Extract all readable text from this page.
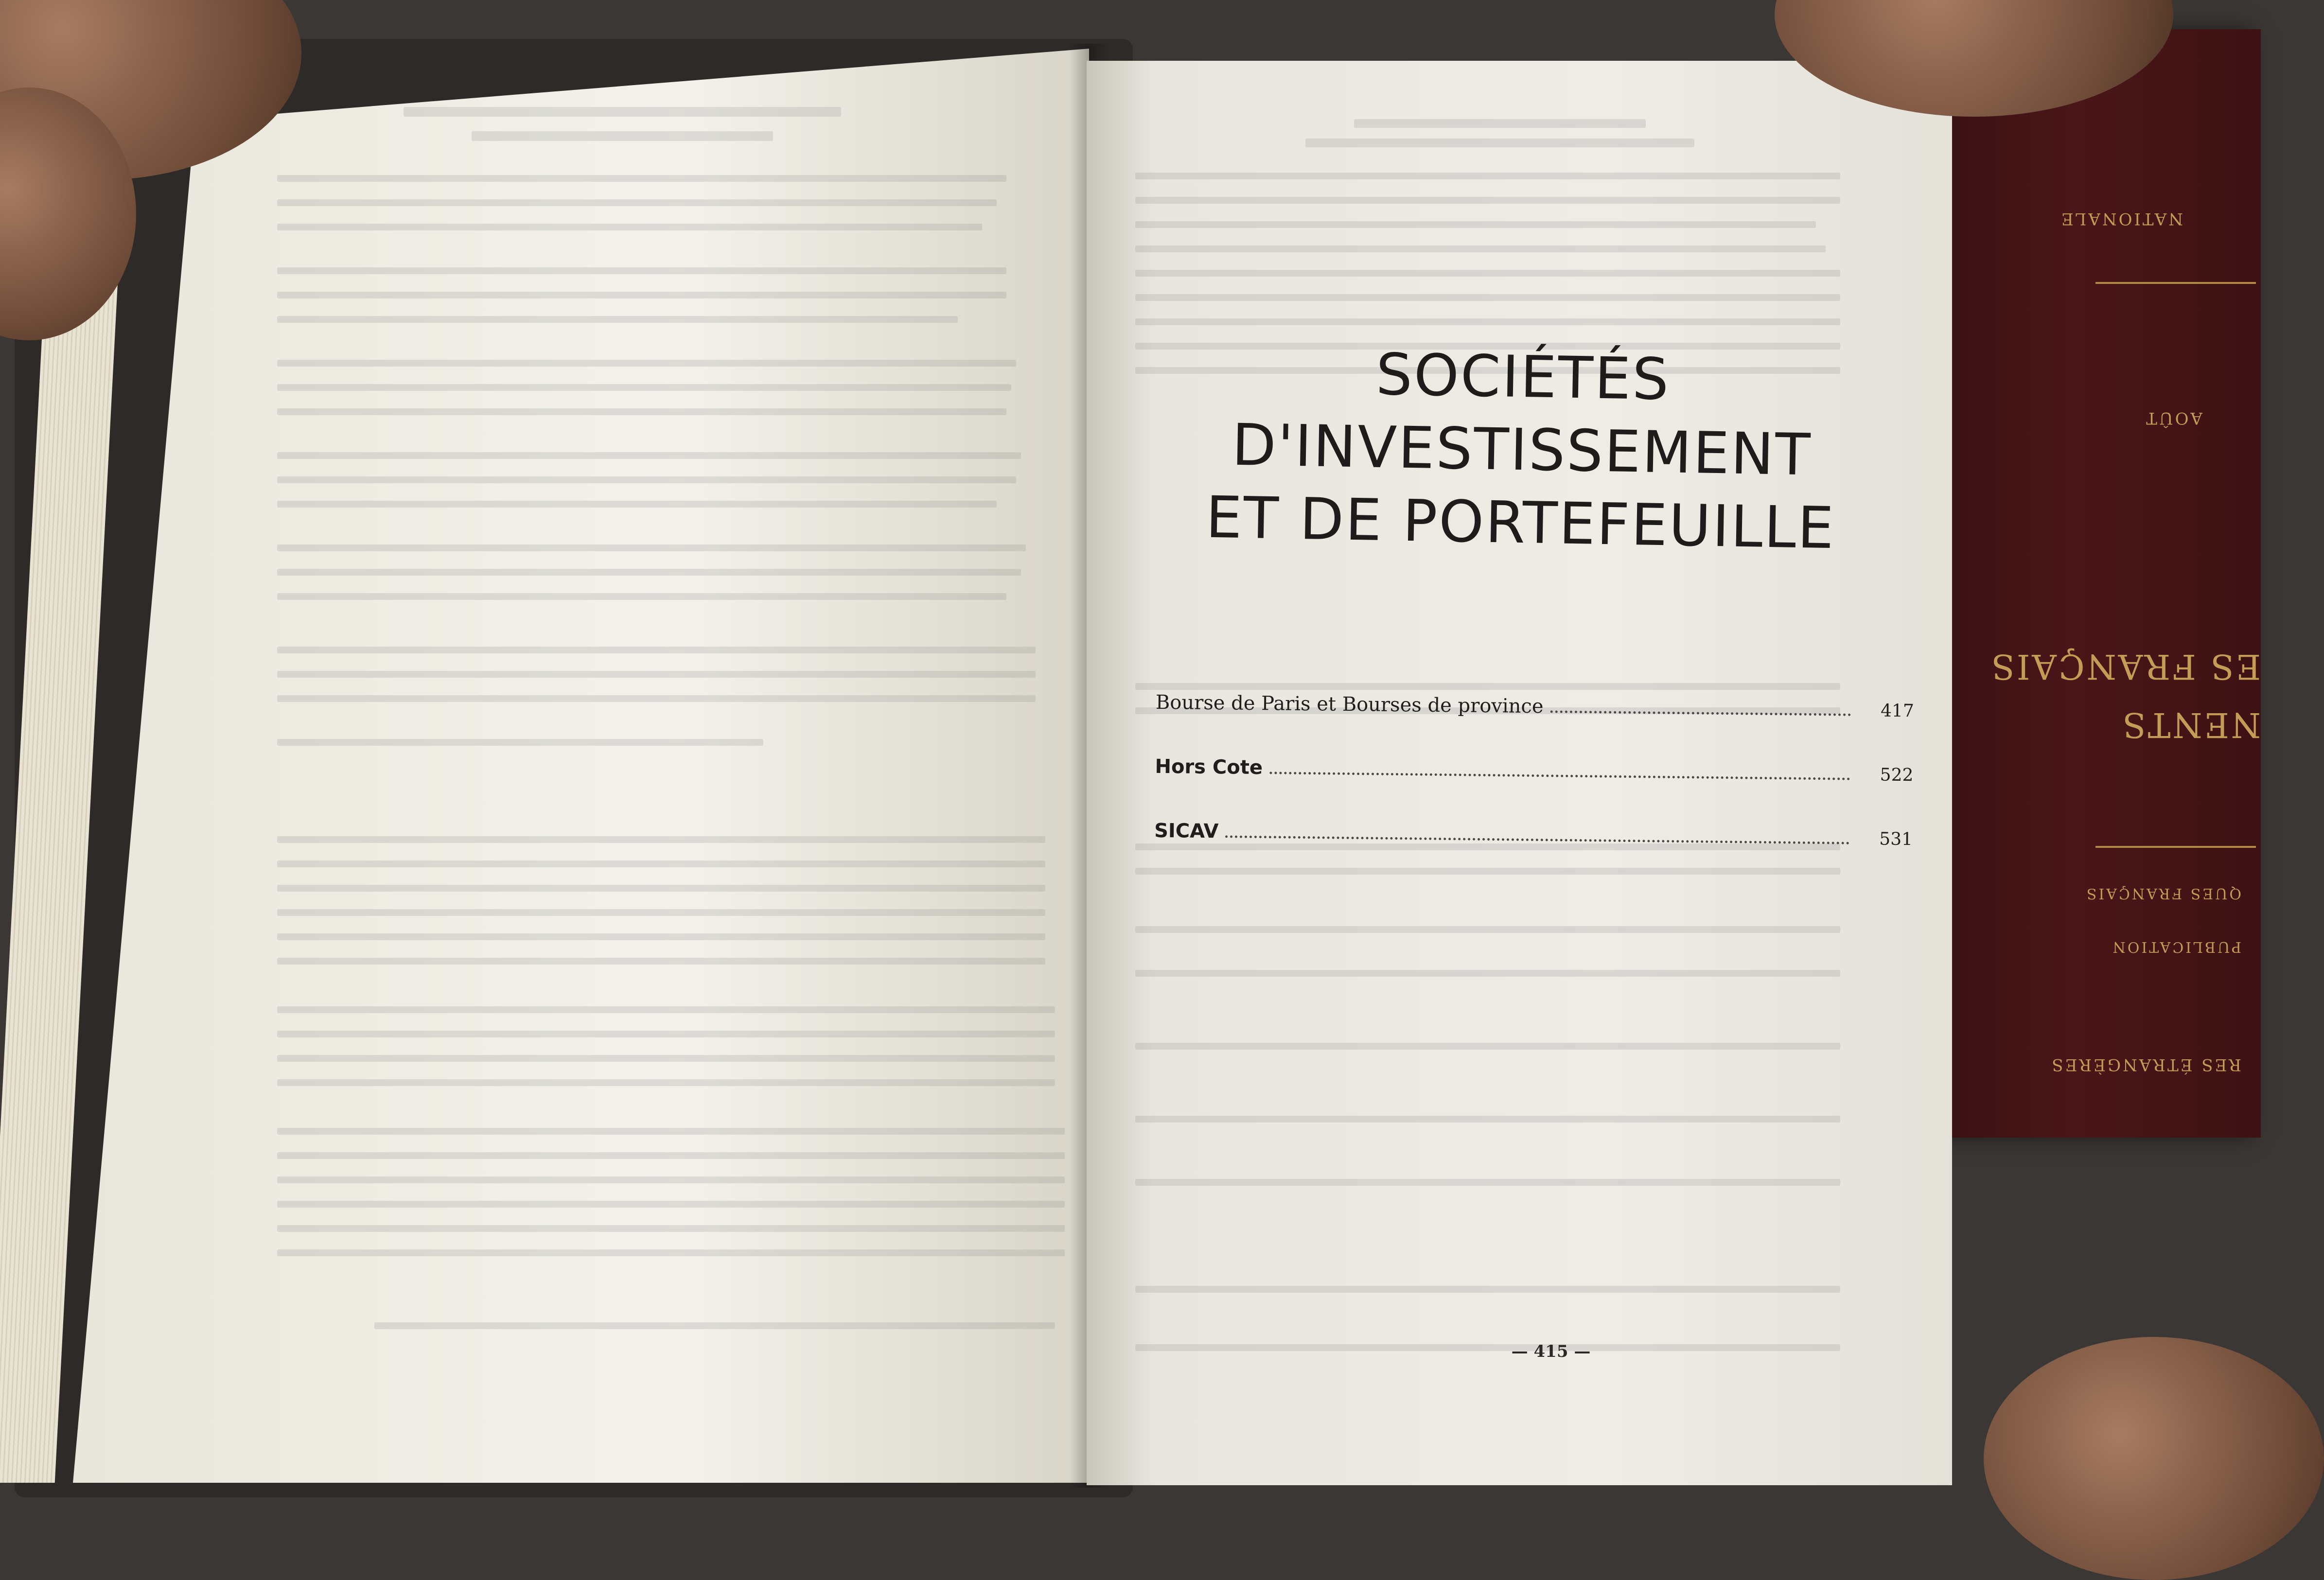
NATIONALE
AOÛT
ES FRANÇAIS
NENTS
QUES FRANÇAIS
PUBLICATION
RES ÉTRANGÈRES
SOCIÉTÉS
D'INVESTISSEMENT
ET DE PORTEFEUILLE
Bourse de Paris et Bourses de province	417
Hors Cote	522
SICAV	531
— 415 —
